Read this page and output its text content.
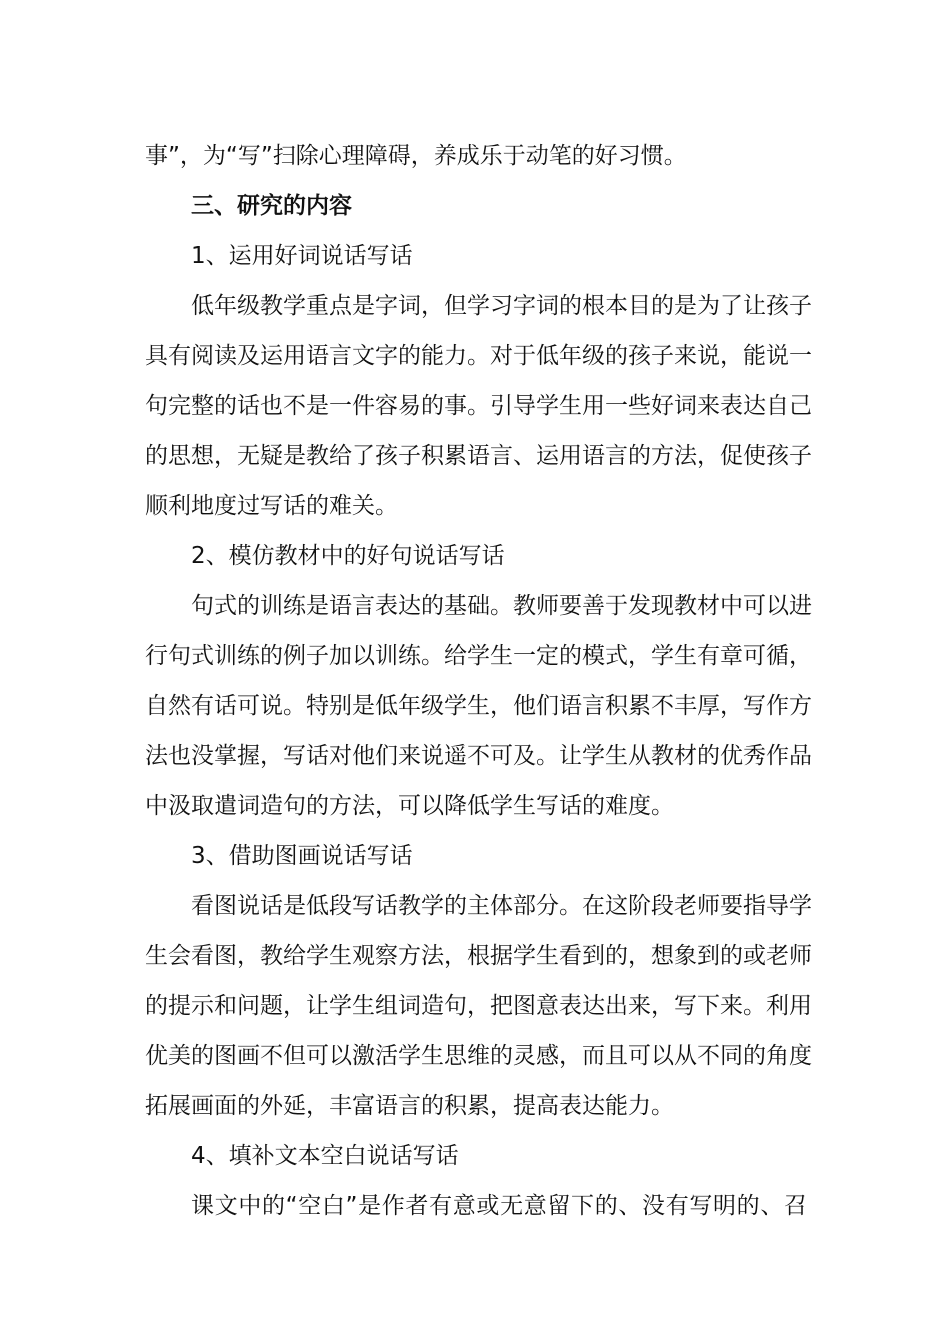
事”，为“写”扫除心理障碍，养成乐于动笔的好习惯。
三、研究的内容
1、运用好词说话写话
低年级教学重点是字词，但学习字词的根本目的是为了让孩子
具有阅读及运用语言文字的能力。对于低年级的孩子来说，能说一
句完整的话也不是一件容易的事。引导学生用一些好词来表达自己
的思想，无疑是教给了孩子积累语言、运用语言的方法，促使孩子
顺利地度过写话的难关。
2、模仿教材中的好句说话写话
句式的训练是语言表达的基础。教师要善于发现教材中可以进
行句式训练的例子加以训练。给学生一定的模式，学生有章可循，
自然有话可说。特别是低年级学生，他们语言积累不丰厚，写作方
法也没掌握，写话对他们来说遥不可及。让学生从教材的优秀作品
中汲取遣词造句的方法，可以降低学生写话的难度。
3、借助图画说话写话
看图说话是低段写话教学的主体部分。在这阶段老师要指导学
生会看图，教给学生观察方法，根据学生看到的，想象到的或老师
的提示和问题，让学生组词造句，把图意表达出来，写下来。利用
优美的图画不但可以激活学生思维的灵感，而且可以从不同的角度
拓展画面的外延，丰富语言的积累，提高表达能力。
4、填补文本空白说话写话
课文中的“空白”是作者有意或无意留下的、没有写明的、召
